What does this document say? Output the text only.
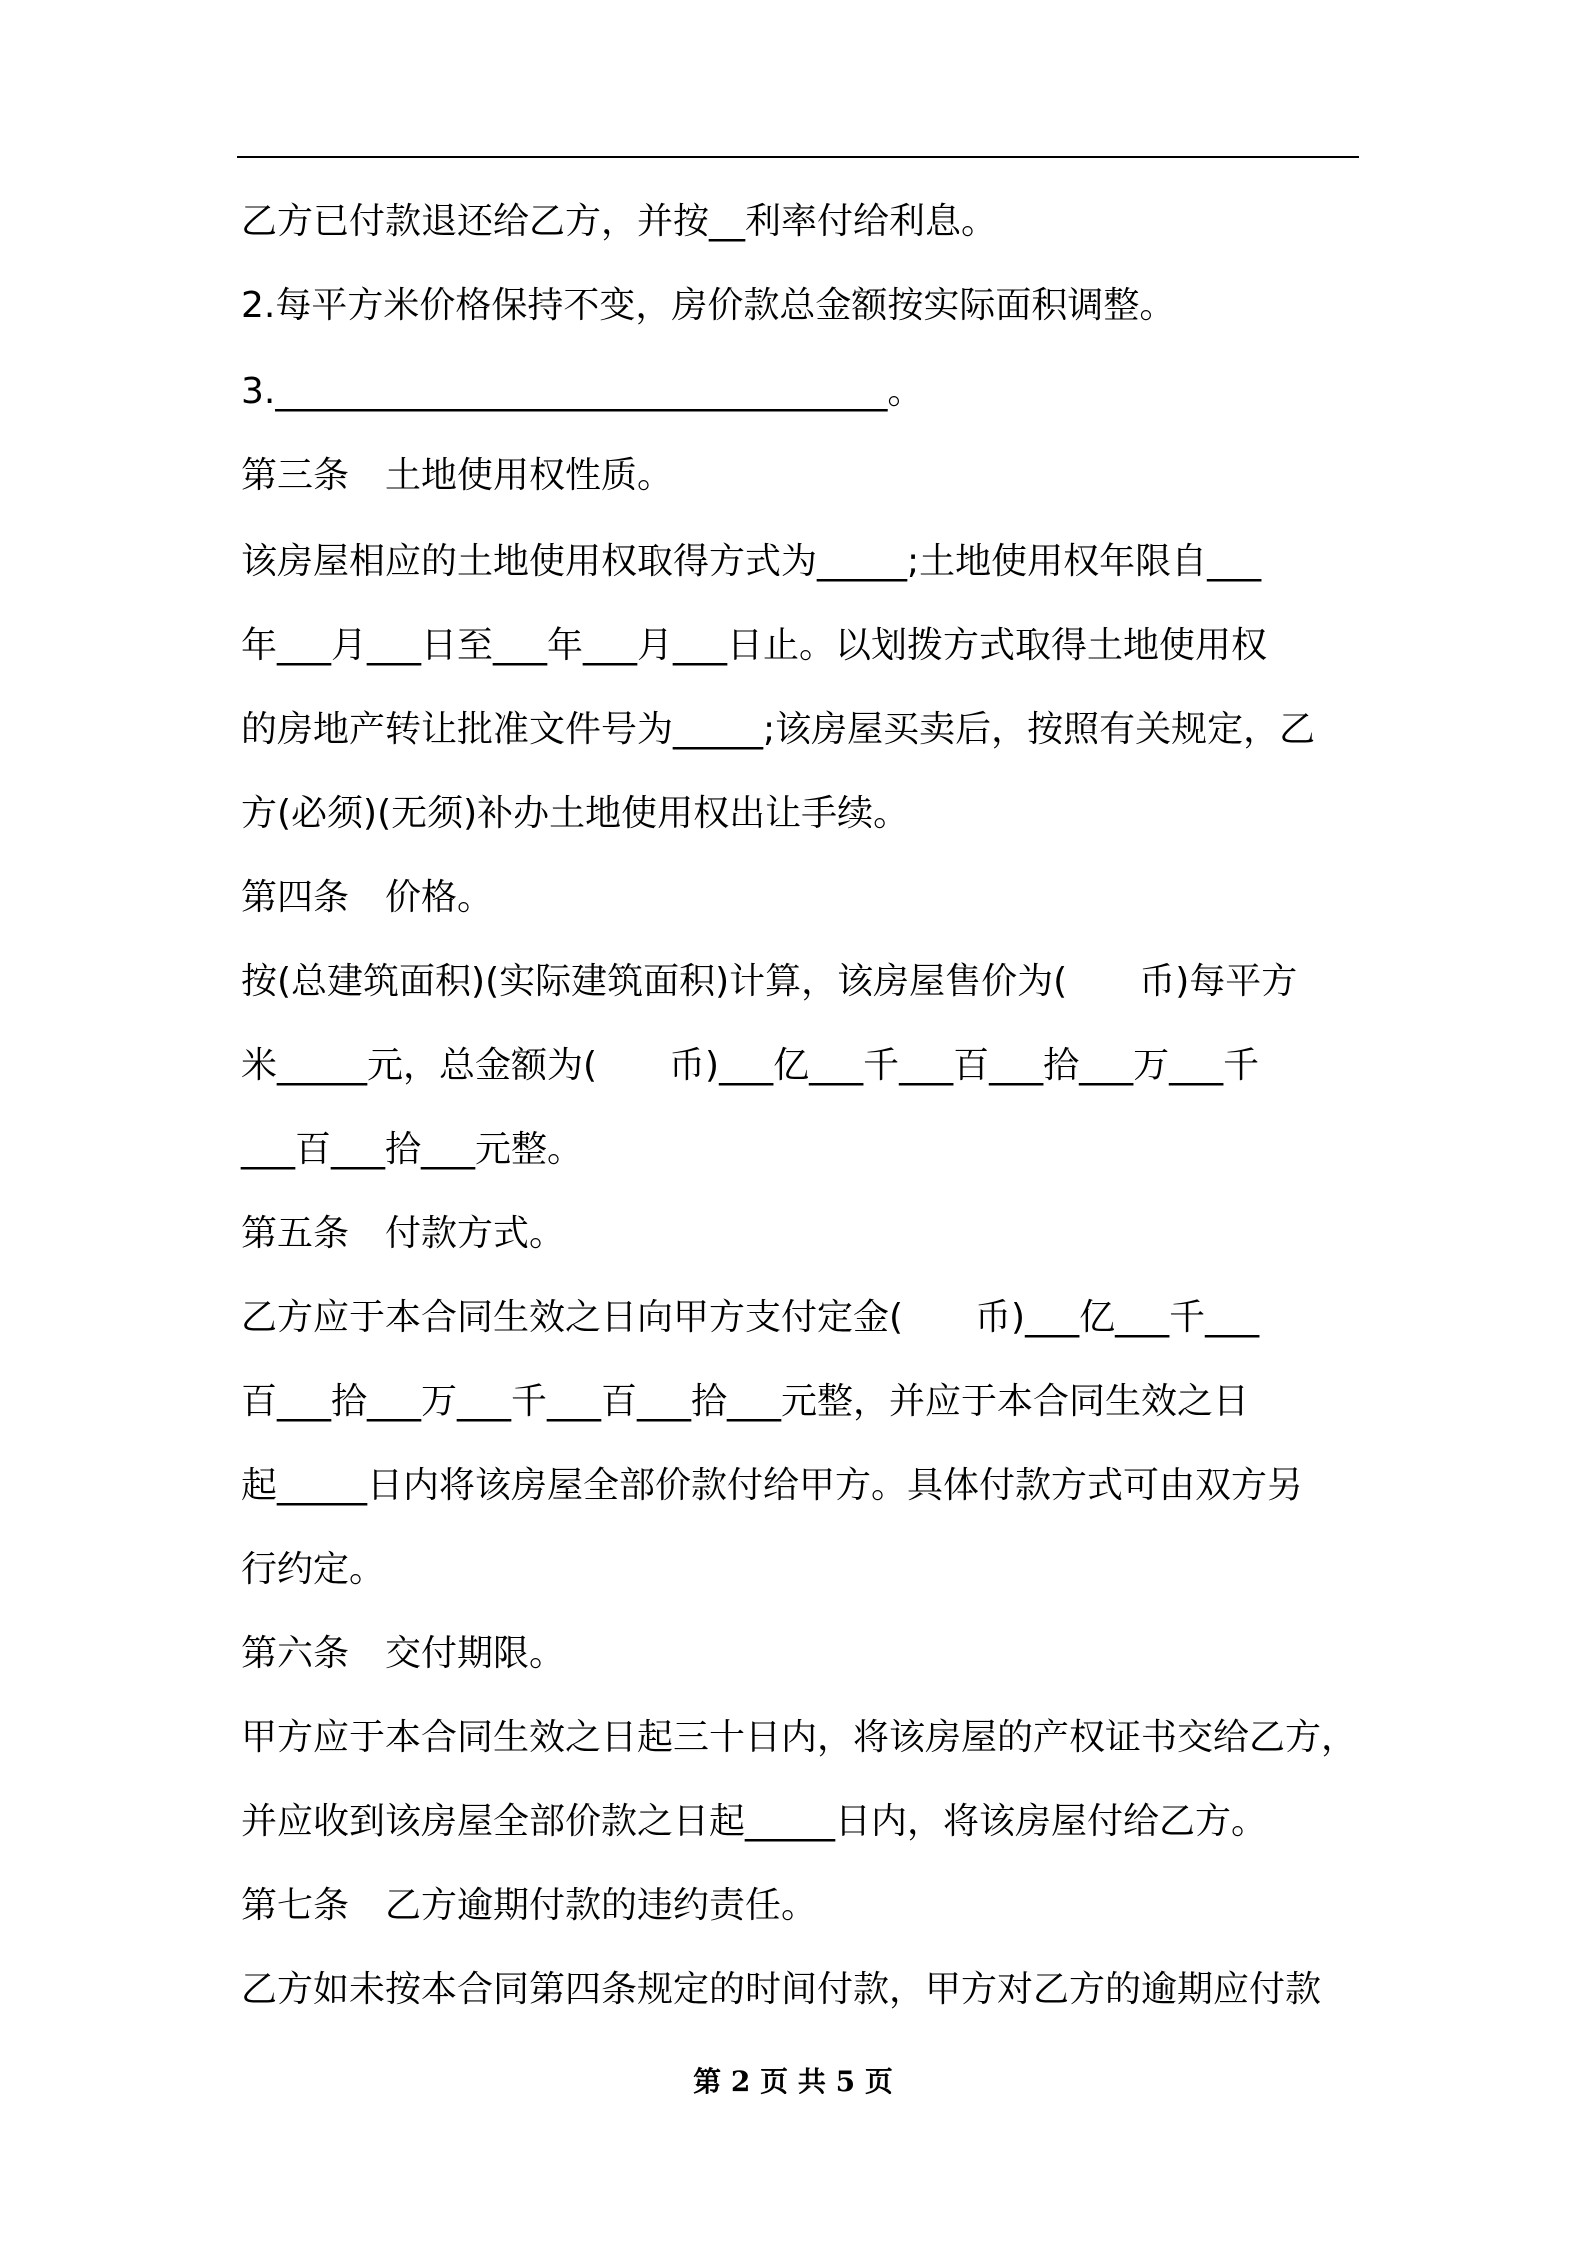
乙方已付款退还给乙方，并按__利率付给利息。
2.每平方米价格保持不变，房价款总金额按实际面积调整。
3.__________________________________。
第三条　土地使用权性质。
该房屋相应的土地使用权取得方式为_____;土地使用权年限自___
年___月___日至___年___月___日止。以划拨方式取得土地使用权
的房地产转让批准文件号为_____;该房屋买卖后，按照有关规定，乙
方(必须)(无须)补办土地使用权出让手续。
第四条　价格。
按(总建筑面积)(实际建筑面积)计算，该房屋售价为(　　币)每平方
米_____元，总金额为(　　币)___亿___千___百___拾___万___千
___百___拾___元整。
第五条　付款方式。
乙方应于本合同生效之日向甲方支付定金(　　币)___亿___千___
百___拾___万___千___百___拾___元整，并应于本合同生效之日
起_____日内将该房屋全部价款付给甲方。具体付款方式可由双方另
行约定。
第六条　交付期限。
甲方应于本合同生效之日起三十日内，将该房屋的产权证书交给乙方，
并应收到该房屋全部价款之日起_____日内，将该房屋付给乙方。
第七条　乙方逾期付款的违约责任。
乙方如未按本合同第四条规定的时间付款，甲方对乙方的逾期应付款
第 2 页 共 5 页
